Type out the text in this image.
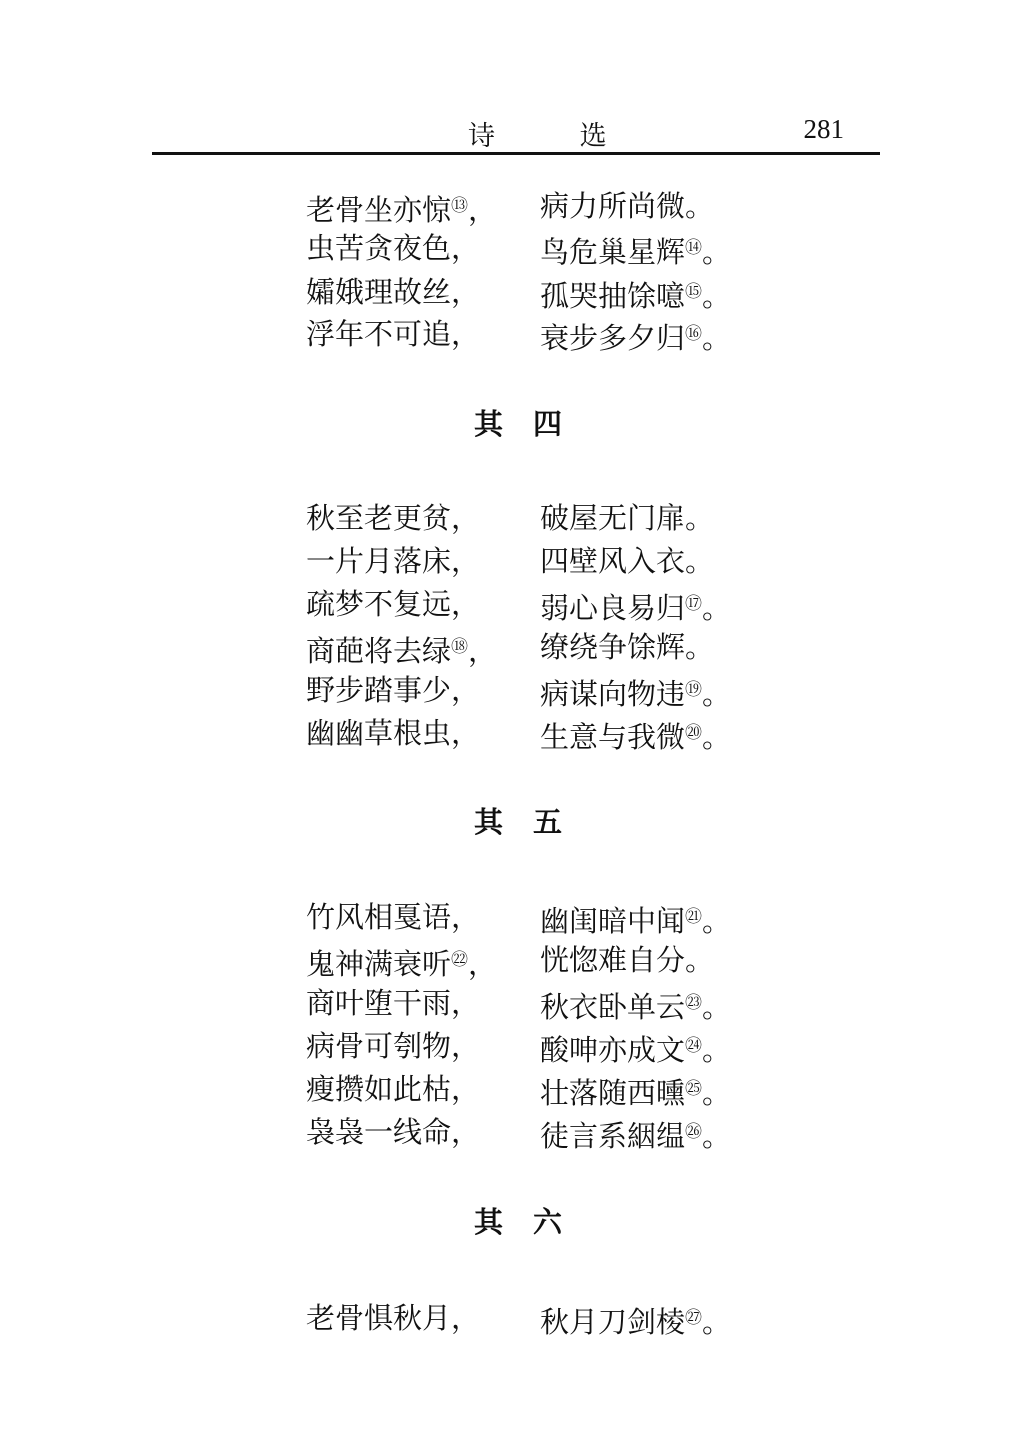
诗 选	281
老骨坐亦惊⑬， 病力所尚微。
虫苦贪夜色， 鸟危巢星辉⑭。
孀娥理故丝， 孤哭抽馀噫⑮。
浮年不可追， 衰步多夕归⑯。
其四
秋至老更贫， 破屋无门扉。
一片月落床， 四壁风入衣。
疏梦不复远， 弱心良易归⑰。
商葩将去绿⑱， 缭绕争馀辉。
野步踏事少， 病谋向物违⑲。
幽幽草根虫， 生意与我微⑳。
其五
竹风相戛语， 幽闺暗中闻$^㉑$。
鬼神满衰听$^㉒$， 恍惚难自分。
商叶堕干雨， 秋衣卧单云$^㉓$。
病骨可刳物， 酸呻亦成文$^㉔$。
瘦攒如此枯， 壮落随西曛$^㉕$。
袅袅一线命， 徒言系絪缊$^㉖$。
其六
老骨惧秋月， 秋月刀剑棱$^㉗$。
